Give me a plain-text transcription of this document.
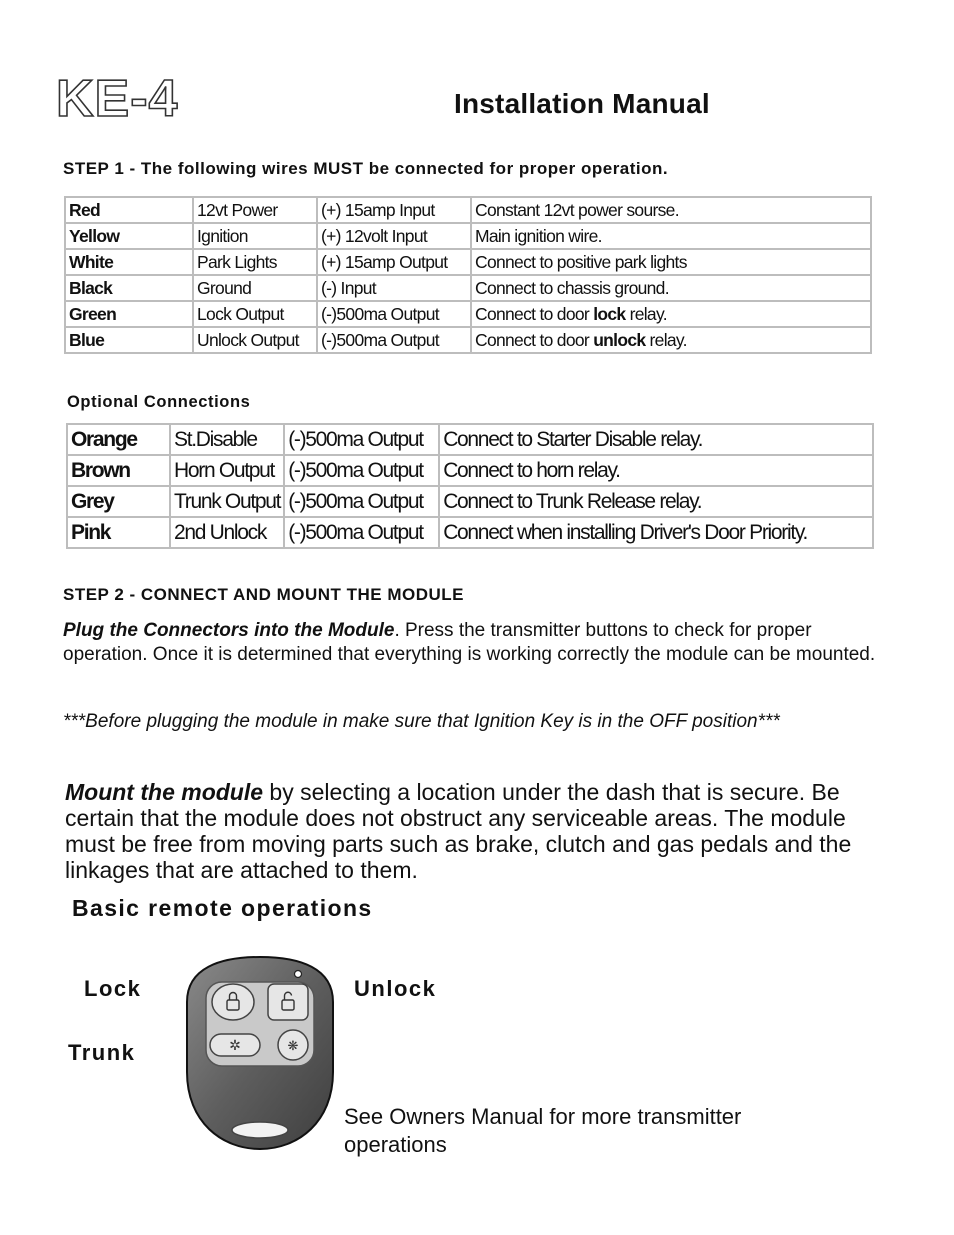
KE-4	Installation Manual
STEP 1 - The following wires MUST be connected for proper operation.
Red	12vt Power	(+) 15amp Input	Constant 12vt power sourse.
Yellow	Ignition	(+) 12volt Input	Main ignition wire.
White	Park Lights	(+) 15amp Output	Connect to positive park lights
Black	Ground	(-) Input	Connect to chassis ground.
Green	Lock Output	(-)500ma Output	Connect to door lock relay.
Blue	Unlock Output	(-)500ma Output	Connect to door unlock relay.
Optional Connections
Orange	St.Disable	(-)500ma Output	Connect to Starter Disable relay.
Brown	Horn Output	(-)500ma Output	Connect to horn relay.
Grey	Trunk Output	(-)500ma Output	Connect to Trunk Release relay.
Pink	2nd Unlock	(-)500ma Output	Connect when installing Driver's Door Priority.
STEP 2 - CONNECT AND MOUNT THE MODULE
Plug the Connectors into the Module. Press the transmitter buttons to check for proper operation. Once it is determined that everything is working correctly the module can be mounted.
***Before plugging the module in make sure that Ignition Key is in the OFF position***
Mount the module by selecting a location under the dash that is secure. Be certain that the module does not obstruct any serviceable areas. The module must be free from moving parts such as brake, clutch and gas pedals and the linkages that are attached to them.
Basic remote operations
Lock	Unlock
Trunk	✲	❋
See Owners Manual for more transmitter operations
